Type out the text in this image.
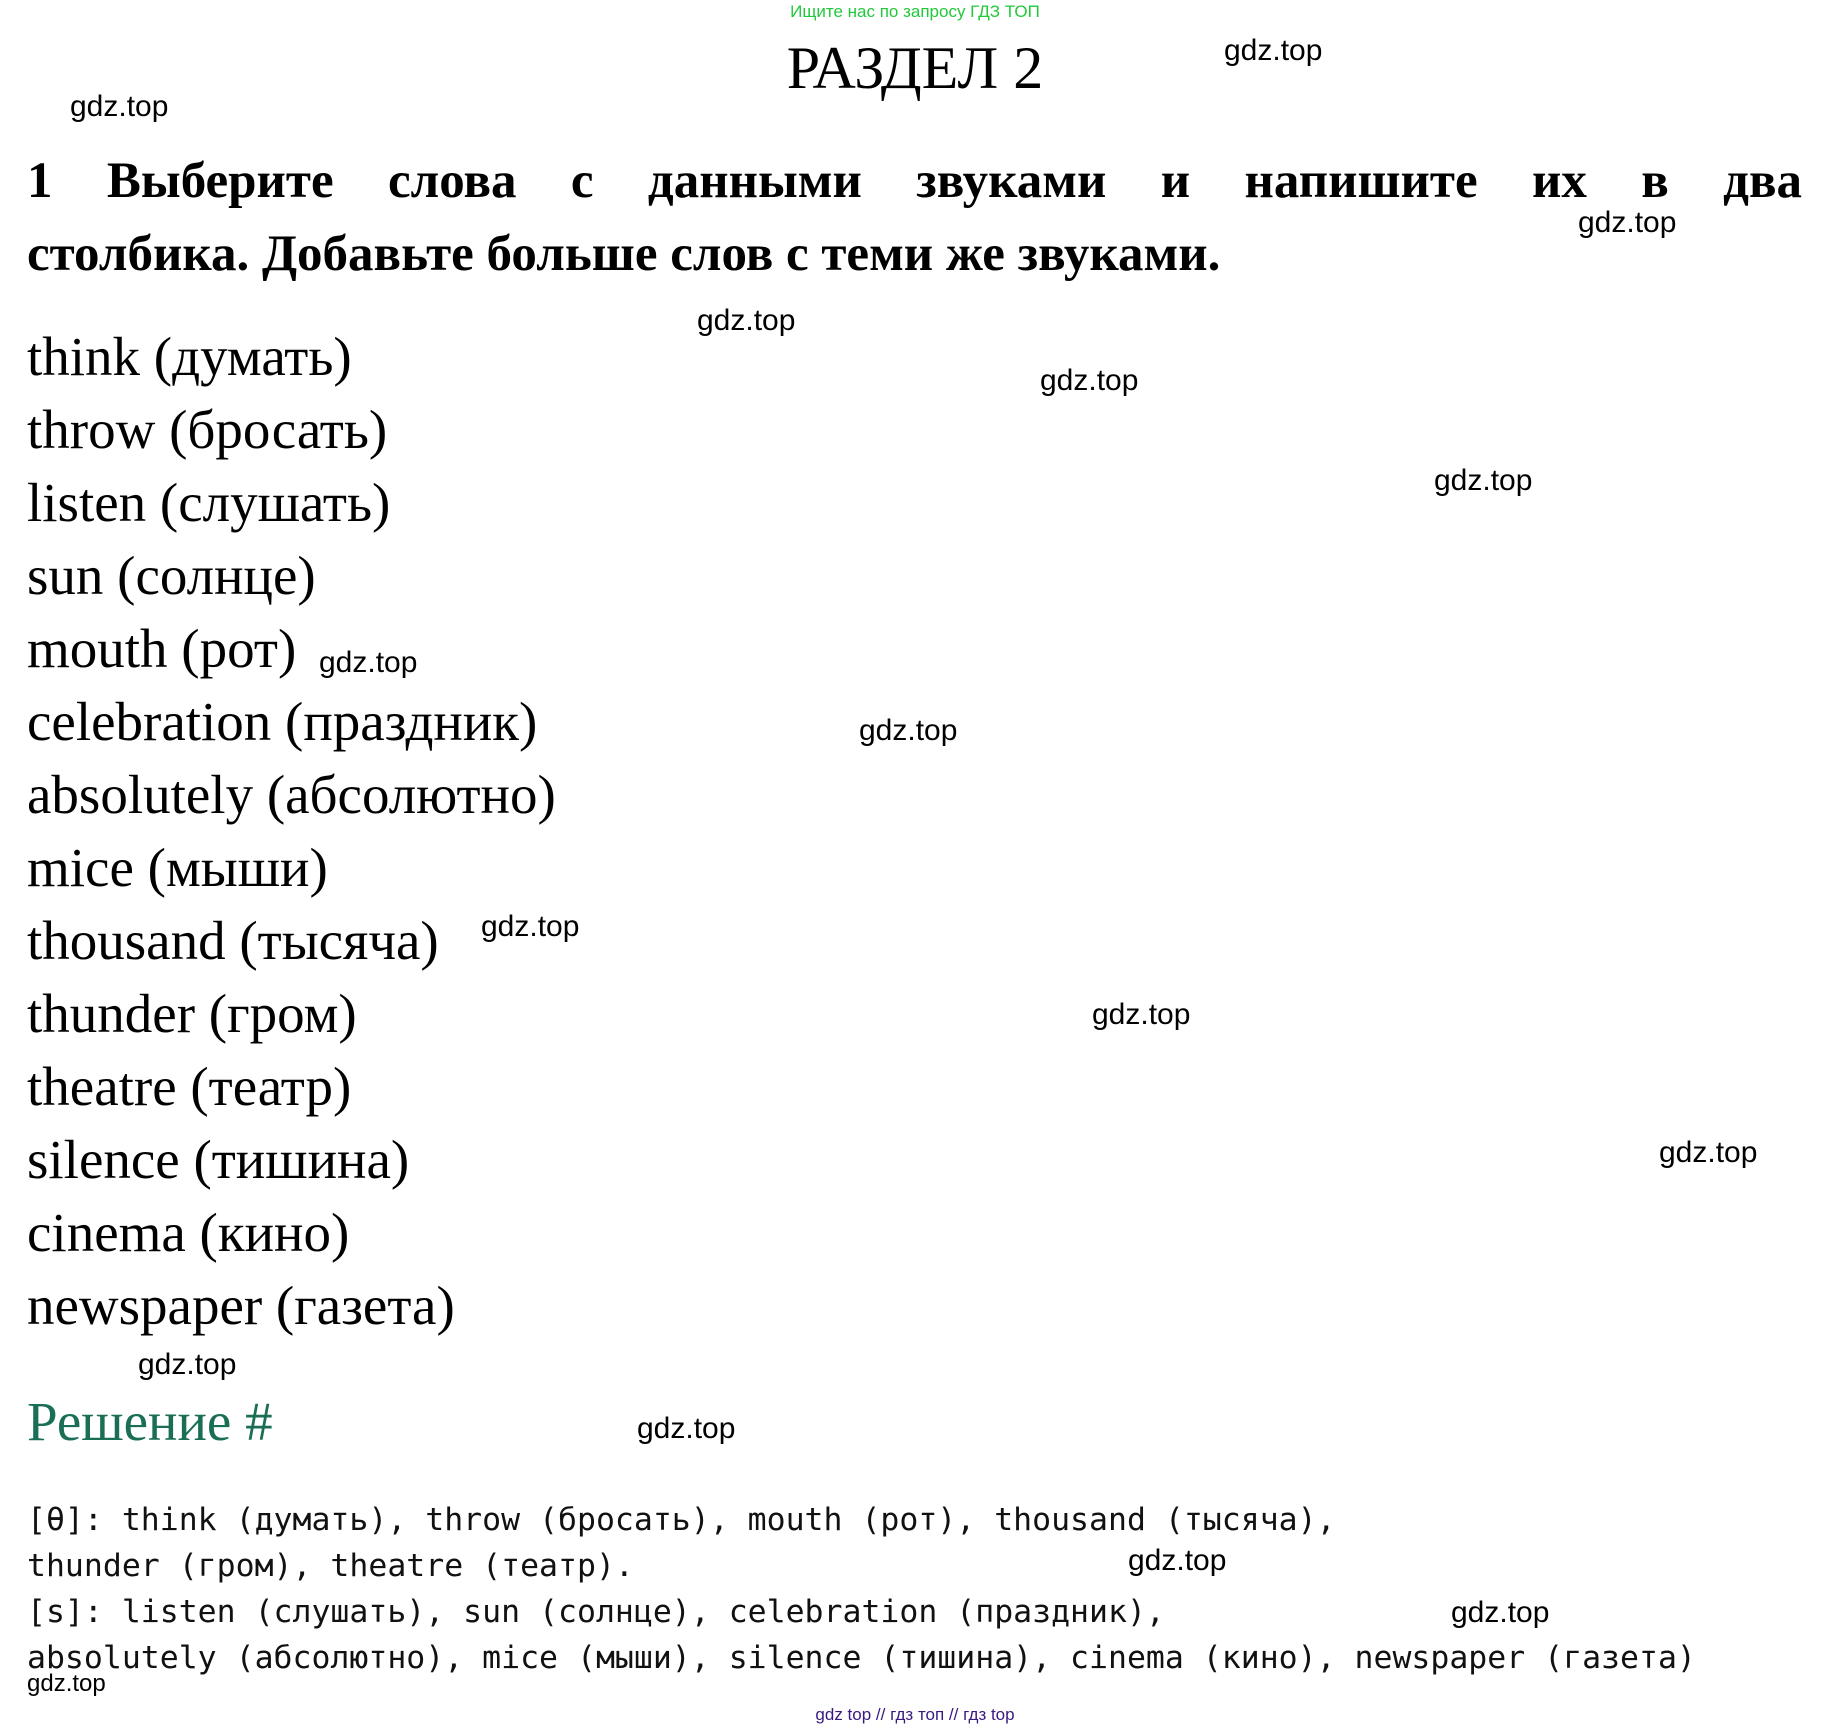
Ищите нас по запросу ГДЗ ТОП
РАЗДЕЛ 2
1 Выберите слова с данными звуками и напишите их в два
столбика. Добавьте больше слов с теми же звуками.
think (думать)
throw (бросать)
listen (слушать)
sun (солнце)
mouth (рот)
celebration (праздник)
absolutely (абсолютно)
mice (мыши)
thousand (тысяча)
thunder (гром)
theatre (театр)
silence (тишина)
cinema (кино)
newspaper (газета)
Решение #
[θ]: think (думать), throw (бросать), mouth (рот), thousand (тысяча),
thunder (гром), theatre (театр).
[s]: listen (слушать), sun (солнце), celebration (праздник),
absolutely (абсолютно), mice (мыши), silence (тишина), cinema (кино), newspaper (газета)
gdz.top
gdz.top
gdz.top
gdz.top
gdz.top
gdz.top
gdz.top
gdz.top
gdz.top
gdz.top
gdz.top
gdz.top
gdz.top
gdz.top
gdz.top
gdz.top
gdz top // гдз топ // гдз top
